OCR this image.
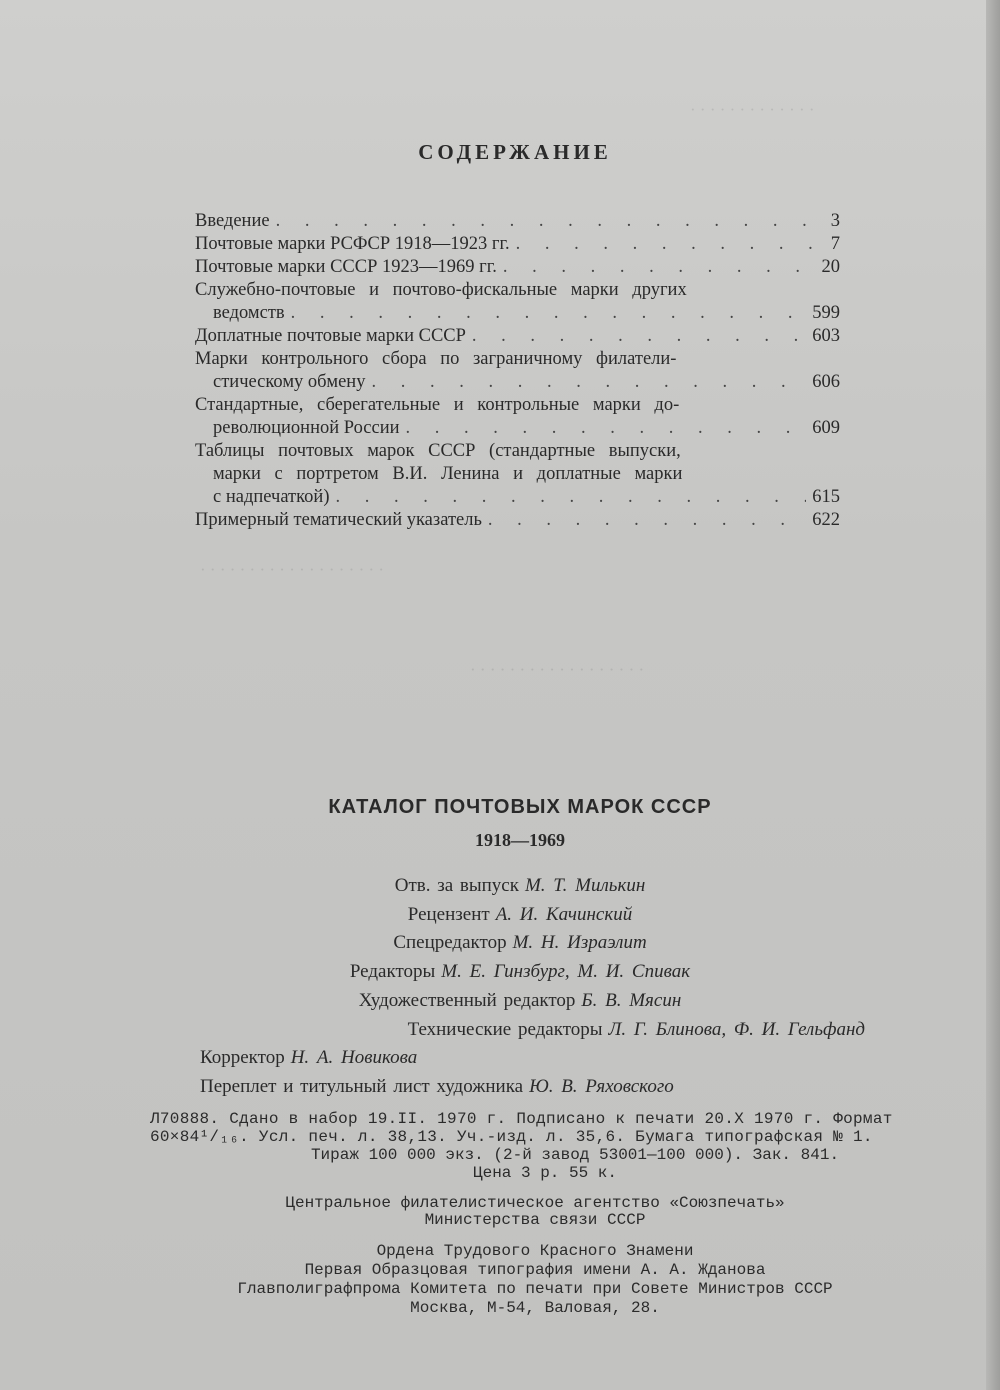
· · · · · · · · · · · · ·
· · · · · · · · · · · · · · · · · · ·
· · · · · · · · · · · · · · · · · ·
СОДЕРЖАНИЕ
Введение . . .	3
Почтовые марки РСФСР 1918—1923 гг. . . .	7
Почтовые марки СССР 1923—1969 гг. . . .	20
Служебно-почтовые и почтово-фискальные марки других
ведомств . . .	599
Доплатные почтовые марки СССР . . .	603
Марки контрольного сбора по заграничному филатели-
стическому обмену . . .	606
Стандартные, сберегательные и контрольные марки до-
революционной России . . .	609
Таблицы почтовых марок СССР (стандартные выпуски,
марки с портретом В.И. Ленина и доплатные марки
с надпечаткой) . . .	615
Примерный тематический указатель . . .	622
КАТАЛОГ ПОЧТОВЫХ МАРОК СССР
1918—1969
Отв. за выпуск М. Т. Милькин
Рецензент А. И. Качинский
Спецредактор М. Н. Израэлит
Редакторы М. Е. Гинзбург, М. И. Спивак
Художественный редактор Б. В. Мясин
Технические редакторы Л. Г. Блинова, Ф. И. Гельфанд
Корректор Н. А. Новикова
Переплет и титульный лист художника Ю. В. Ряховского
Л70888. Сдано в набор 19.II. 1970 г. Подписано к печати 20.X 1970 г. Формат
60×84¹/₁₆. Усл. печ. л. 38,13. Уч.-изд. л. 35,6. Бумага типографская № 1.
Тираж 100 000 экз. (2-й завод 53001—100 000). Зак. 841.
Цена 3 р. 55 к.
Центральное филателистическое агентство «Союзпечать»
Министерства связи СССР
Ордена Трудового Красного Знамени
Первая Образцовая типография имени А. А. Жданова
Главполиграфпрома Комитета по печати при Совете Министров СССР
Москва, М-54, Валовая, 28.
